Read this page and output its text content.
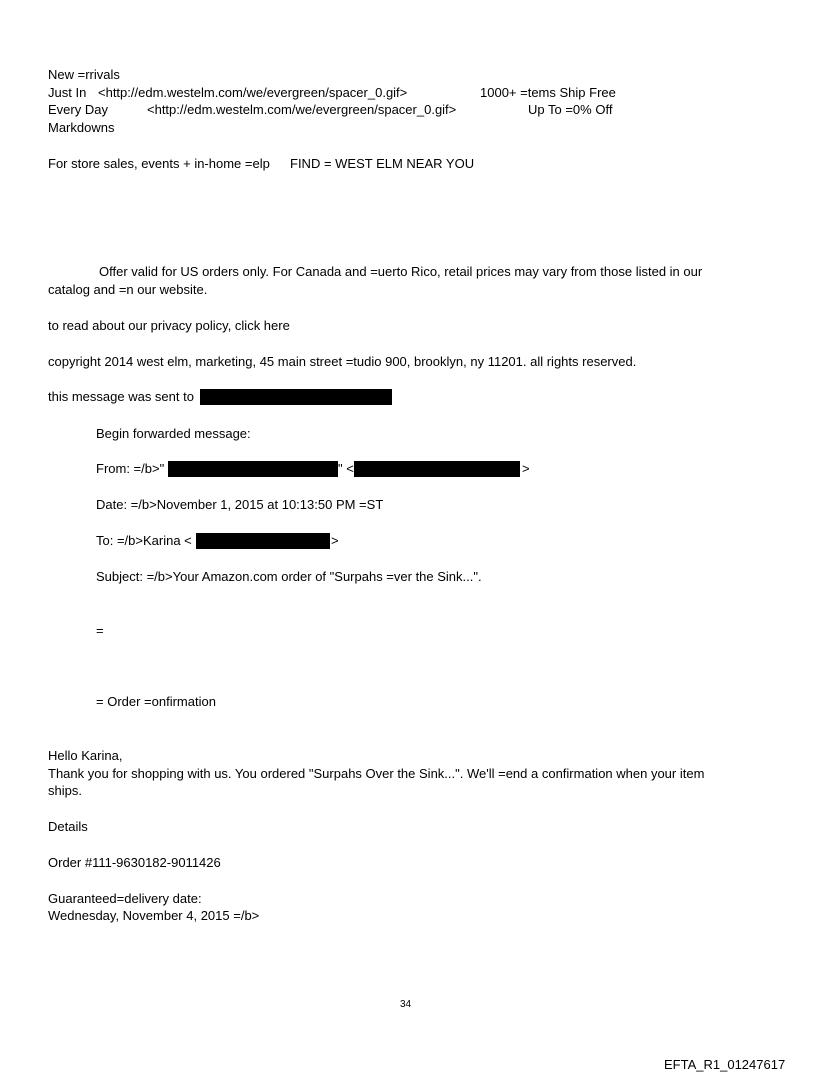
New =rrivals
Just In <http://edm.westelm.com/we/evergreen/spacer_0.gif>	1000+ =tems Ship Free
Every Day	<http://edm.westelm.com/we/evergreen/spacer_0.gif>	Up To =0% Off
Markdowns
For store sales, events + in-home =elp FIND = WEST ELM NEAR YOU
Offer valid for US orders only. For Canada and =uerto Rico, retail prices may vary from those listed in our
catalog and =n our website.
to read about our privacy policy, click here
copyright 2014 west elm, marketing, 45 main street =tudio 900, brooklyn, ny 11201. all rights reserved.
this message was sent to
Begin forwarded message:
From: =/b>"	" <	>
Date: =/b>November 1, 2015 at 10:13:50 PM =ST
To: =/b>Karina <	>
Subject: =/b>Your Amazon.com order of "Surpahs =ver the Sink...".
=
= Order =onfirmation
Hello Karina,
Thank you for shopping with us. You ordered "Surpahs Over the Sink...". We'll =end a confirmation when your item
ships.
Details
Order #111-9630182-9011426
Guaranteed=delivery date:
Wednesday, November 4, 2015 =/b>
34
EFTA_R1_01247617
